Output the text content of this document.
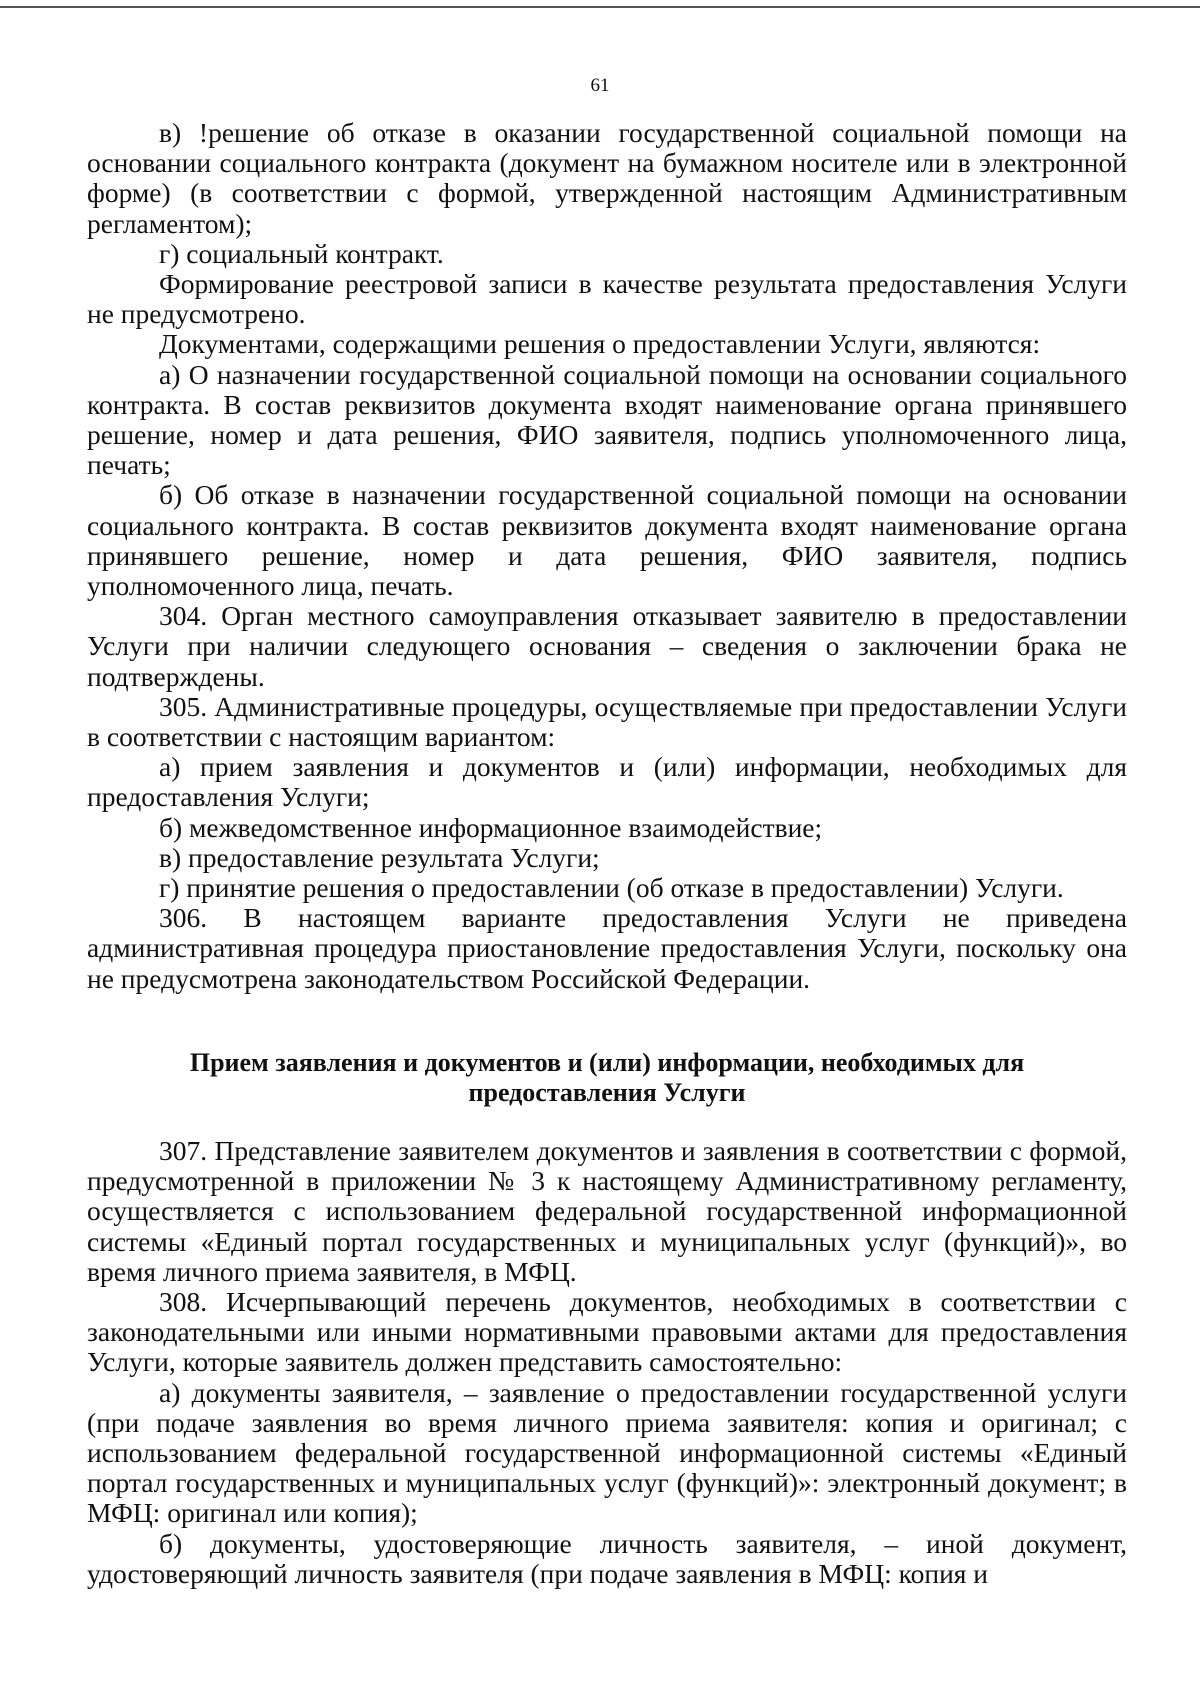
61

в) !решение об отказе в оказании государственной социальной помощи на основании социального контракта (документ на бумажном носителе или в электронной форме) (в соответствии с формой, утвержденной настоящим Административным регламентом);

г) социальный контракт.

Формирование реестровой записи в качестве результата предоставления Услуги не предусмотрено.

Документами, содержащими решения о предоставлении Услуги, являются:

а) О назначении государственной социальной помощи на основании социального контракта. В состав реквизитов документа входят наименование органа принявшего решение, номер и дата решения, ФИО заявителя, подпись уполномоченного лица, печать;

б) Об отказе в назначении государственной социальной помощи на основании социального контракта. В состав реквизитов документа входят наименование органа принявшего решение, номер и дата решения, ФИО заявителя, подпись уполномоченного лица, печать.

304. Орган местного самоуправления отказывает заявителю в предоставлении Услуги при наличии следующего основания – сведения о заключении брака не подтверждены.

305. Административные процедуры, осуществляемые при предоставлении Услуги в соответствии с настоящим вариантом:

а) прием заявления и документов и (или) информации, необходимых для предоставления Услуги;

б) межведомственное информационное взаимодействие;

в) предоставление результата Услуги;

г) принятие решения о предоставлении (об отказе в предоставлении) Услуги.

306. В настоящем варианте предоставления Услуги не приведена административная процедура приостановление предоставления Услуги, поскольку она не предусмотрена законодательством Российской Федерации.

Прием заявления и документов и (или) информации, необходимых для предоставления Услуги

307. Представление заявителем документов и заявления в соответствии с формой, предусмотренной в приложении № 3 к настоящему Административному регламенту, осуществляется с использованием федеральной государственной информационной системы «Единый портал государственных и муниципальных услуг (функций)», во время личного приема заявителя, в МФЦ.

308. Исчерпывающий перечень документов, необходимых в соответствии с законодательными или иными нормативными правовыми актами для предоставления Услуги, которые заявитель должен представить самостоятельно:

а) документы заявителя, – заявление о предоставлении государственной услуги (при подаче заявления во время личного приема заявителя: копия и оригинал; с использованием федеральной государственной информационной системы «Единый портал государственных и муниципальных услуг (функций)»: электронный документ; в МФЦ: оригинал или копия);

б) документы, удостоверяющие личность заявителя, – иной документ, удостоверяющий личность заявителя (при подаче заявления в МФЦ: копия и
